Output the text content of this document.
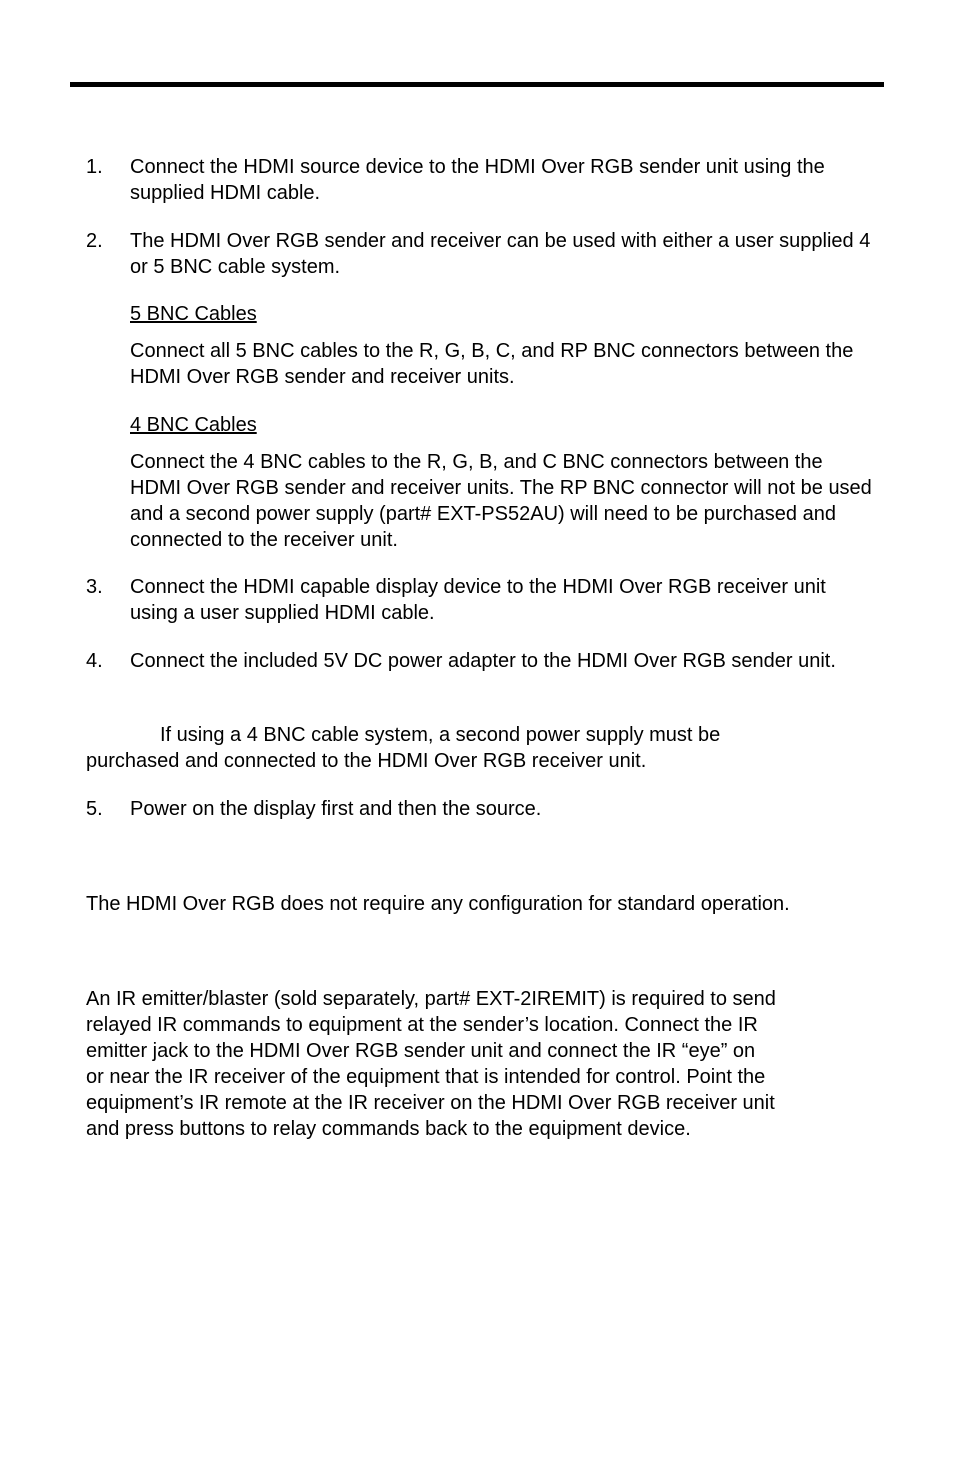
1.	Connect the HDMI source device to the HDMI Over RGB sender unit using the supplied HDMI cable.
2.	The HDMI Over RGB sender and receiver can be used with either a user supplied 4 or 5 BNC cable system.
5 BNC Cables
Connect all 5 BNC cables to the R, G, B, C, and RP BNC connectors between the HDMI Over RGB sender and receiver units.
4 BNC Cables
Connect the 4 BNC cables to the R, G, B, and C BNC connectors between the HDMI Over RGB sender and receiver units. The RP BNC connector will not be used and a second power supply (part# EXT-PS52AU) will need to be purchased and connected to the receiver unit.
3.	Connect the HDMI capable display device to the HDMI Over RGB receiver unit using a user supplied HDMI cable.
4.	Connect the included 5V DC power adapter to the HDMI Over RGB sender unit.
If using a 4 BNC cable system, a second power supply must be
purchased and connected to the HDMI Over RGB receiver unit.
5.	Power on the display first and then the source.
The HDMI Over RGB does not require any configuration for standard operation.
An IR emitter/blaster (sold separately, part# EXT-2IREMIT) is required to send
relayed IR commands to equipment at the sender’s location. Connect the IR
emitter jack to the HDMI Over RGB sender unit and connect the IR “eye” on
or near the IR receiver of the equipment that is intended for control. Point the
equipment’s IR remote at the IR receiver on the HDMI Over RGB receiver unit
and press buttons to relay commands back to the equipment device.
